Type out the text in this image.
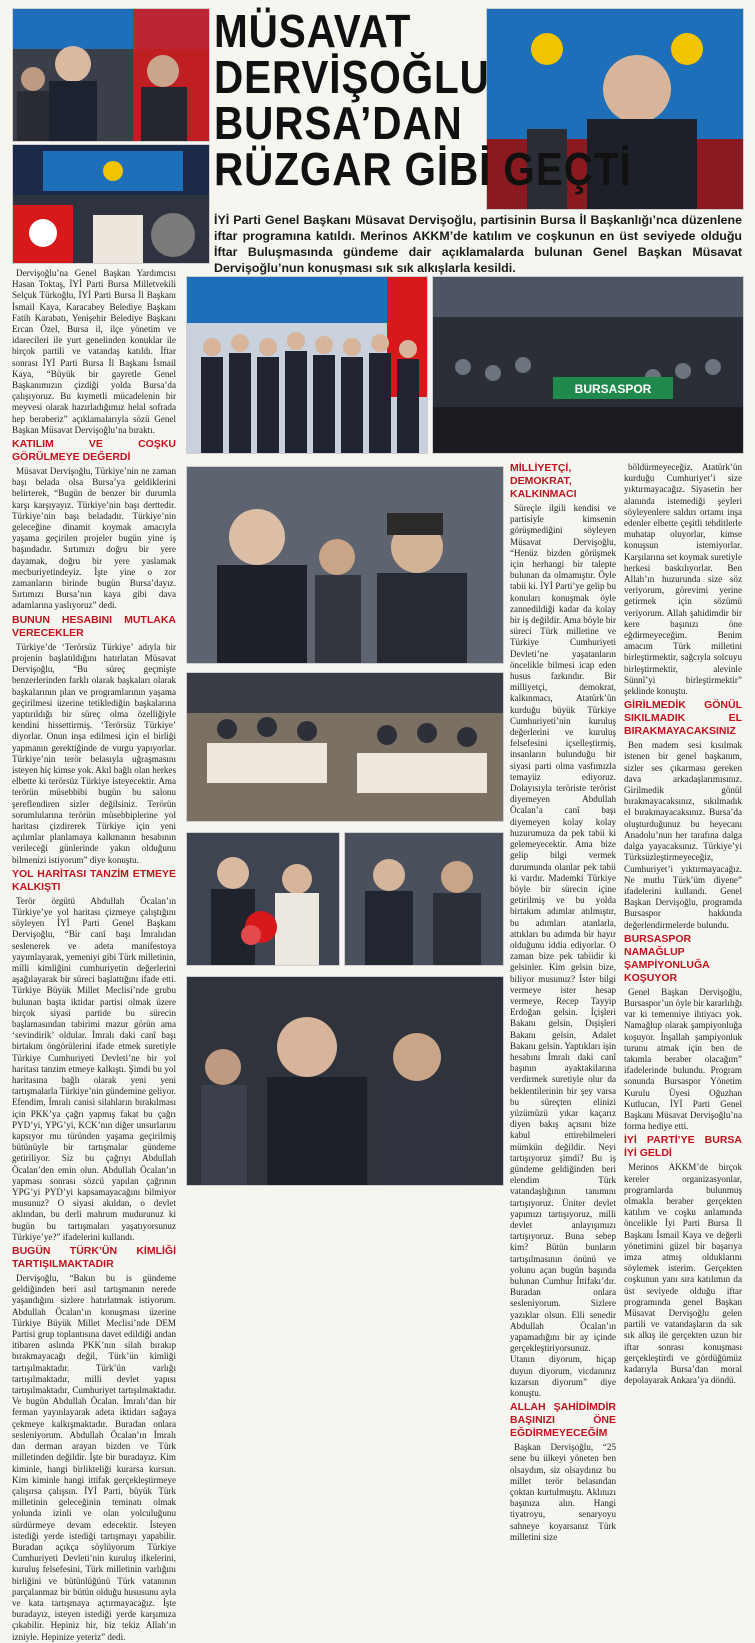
MÜSAVAT
DERVİŞOĞLU
BURSA’DAN
RÜZGAR GİBİ GEÇTİ
İYİ Parti Genel Başkanı Müsavat Dervişoğlu, partisinin Bursa İl Başkanlığı’nca düzenlene iftar programına katıldı. Merinos AKKM’de katılım ve coşkunun en üst seviyede olduğu İftar Buluşmasında gündeme dair açıklamalarda bulunan Genel Başkan Müsavat Dervişoğlu’nun konuşması sık sık alkışlarla kesildi.

Dervişoğlu’na Genel Başkan Yardımcısı Hasan Toktaş, İYİ Parti Bursa Milletvekili Selçuk Türkoğlu, İYİ Parti Bursa İl Başkanı İsmail Kaya, Karacabey Belediye Başkanı Fatih Karabatı, Yenişehir Belediye Başkanı Ercan Özel, Bursa il, ilçe yönetim ve idarecileri ile yurt genelinden konuklar ile birçok partili ve vatandaş katıldı. İftar sonrası İYİ Parti Bursa İl Başkanı İsmail Kaya, “Büyük bir gayretle Genel Başkanımızın çizdiği yolda Bursa’da çalışıyoruz. Bu kıymetli mücadelenin bir meyvesi olarak hazırladığımız helal sofrada hep beraberiz” açıklamalarıyla sözü Genel Başkan Müsavat Dervişoğlu’na bıraktı.

KATILIM VE COŞKU GÖRÜLMEYE DEĞERDİ

Müsavat Dervişoğlu, Türkiye’nin ne zaman başı belada olsa Bursa’ya geldiklerini belirterek, “Bugün de benzer bir durumla karşı karşıyayız. Türkiye’nin başı derttedir. Türkiye’nin başı beladadır. Türkiye’nin geleceğine dinamit koymak amacıyla yaşama geçirilen projeler bugün yine iş başındadır. Sırtımızı doğru bir yere dayamak, doğru bir yere yaslamak mecburiyetindeyiz. İşte yine o zor zamanların birinde bugün Bursa’dayız. Sırtımızı Bursa’nın kaya gibi dava adamlarına yaslıyoruz” dedi.

BUNUN HESABINI MUTLAKA VERECEKLER

Türkiye’de ‘Terörsüz Türkiye’ adıyla bir projenin başlatıldığını hatırlatan Müsavat Dervişoğlu, “Bu süreç geçmişte benzerlerinden farklı olarak başkaları olarak başkalarının plan ve programlarının yaşama geçirilmesi üzerine tetiklediğin başkalarına yaptırıldığı bir süreç olma özelliğiyle kendini hissettirmiş. ‘Terörsüz Türkiye’ diyorlar. Onun inşa edilmesi için el birliği yapmanın gerektiğinde de vurgu yapıyorlar. Türkiye’nin terör belasıyla uğraşmasını isteyen hiç kimse yok. Akıl bağlı olan herkes elbette ki terörsüz Türkiye isteyecektir. Ama terörün müsebbibi bugün bu salonu şereflendiren sizler değilsiniz. Terörün sorumlularına terörün müsebbiplerine yol haritası çizdirerek Türkiye için yeni açılımlar planlamaya kalkmanın hesabının verileceği günlerinde yakın olduğunu bilmenizi istiyorum” diye konuştu.

YOL HARİTASI TANZİM ETMEYE KALKIŞTI

Terör örgütü Abdullah Öcalan’ın Türkiye’ye yol haritası çizmeye çalıştığını söyleyen İYİ Parti Genel Başkanı Dervişoğlu, “Bir canî başı İmralıdan seslenerek ve adeta manifestoya yayımlayarak, yemeniyi gibi Türk milletinin, milli kimliğini cumhuriyetin değerlerini aşağılayarak bir süreci başlattığını ifade etti. Türkiye Büyük Millet Meclisi’nde grubu bulunan başta iktidar partisi olmak üzere birçok siyasi partide bu sürecin başlamasından tabirimi mazur görün ama ‘sevindirik’ oldular. İmralı daki canî başı birtakım öngörülerini ifade etmek suretiyle Türkiye Cumhuriyeti Devleti’ne bir yol haritası tanzim etmeye kalkıştı. Şimdi bu yol haritasına bağlı olarak yeni yeni tartışmalarla Türkiye’nin gündemine geliyor. Efendim, İmralı canisi silahların bırakılması için PKK’ya çağrı yapmış fakat bu çağrı PYD’yi, YPG’yi, KCK’nın diğer unsurlarını kapsıyor mu türünden yaşama geçirilmiş bütünüyle bir tartışmalar gündeme getiriliyor. Siz bu çağrıyı Abdullah Öcalan’den emin olun. Abdullah Öcalan’ın yapması sonrası sözcü yapılan çağrının YPG’yi PYD’yi kapsamayacağını bilmiyor musunuz? O siyasi akıldan, o devlet aklından, bu derli mahrum mudurunuz ki bugün bu tartışmaları yaşatıyorsunuz Türkiye’ye?” ifadelerini kullandı.

BUGÜN TÜRK’ÜN KİMLİĞİ TARTIŞILMAKTADIR

Dervişoğlu, “Bakın bu is gündeme geldiğinden beri asıl tartışmanın nerede yaşandığını sizlere hatırlatmak istiyorum. Abdullah Öcalan’ın konuşması üzerine Türkiye Büyük Millet Meclisi’nde DEM Partisi grup toplantısına davet edildiği andan itibaren aslında PKK’nın silah bırakıp bırakmayacağı değil, Türk’ün kimliği tartışılmaktadır. Türk’ün varlığı tartışılmaktadır, milli devlet yapısı tartışılmaktadır, Cumhuriyet tartışılmaktadır. Ve bugün Abdullah Öcalan. İmralı’dan bir ferman yayınlayarak adeta iktidarı sağaya çekmeye kalkışmaktadır. Buradan onlara sesleniyorum. Abdullah Öcalan’ın İmralı dan derman arayan bizden ve Türk milletinden değildir. İşte bir buradayız. Kim kiminle, hangi birlikteliği kurarsa kursun. Kim kiminle hangi ittifak gerçekleştirmeye çalışırsa çalışsın. İYİ Parti, büyük Türk milletinin geleceğinin teminatı olmak yolunda izinli ve olan yolculuğunu sürdürmeye devam edecektir. İsteyen istediği yerde istediği tartışmayı yapabilir. Buradan açıkça söylüyorum Türkiye Cumhuriyeti Devleti’nin kuruluş ilkelerini, kuruluş felsefesini, Türk milletinin varlığını birliğini ve bütünlüğünü Türk vatanının parçalanmaz bir bütün olduğu hususunu ayla ve kata tartışmaya açtırmayacağız. İşte buradayız, isteyen istediği yerde karşımıza çıkabilir. Hepiniz bir, biz tekiz Allah’ın izniyle. Hepinize yeteriz” dedi.

BURSASPOR

MİLLİYETÇİ, DEMOKRAT, KALKINMACI

Süreçle ilgili kendisi ve partisiyle kimsenin görüşmediğini söyleyen Müsavat Dervişoğlu, “Henüz bizden görüşmek için herhangi bir talepte bulunan da olmamıştır. Öyle tabii ki. İYİ Parti’ye gelip bu konuları konuşmak öyle zannedildiği kadar da kolay bir iş değildir. Ama böyle bir süreci Türk milletine ve Türkiye Cumhuriyeti Devleti’ne yaşatanların öncelikle bilmesi icap eden husus farkındır. Bir milliyetçi, demokrat, kalkınmacı, Atatürk’ün kurduğu büyük Türkiye Cumhuriyeti’nin kuruluş değerlerini ve kuruluş felsefesini içselleştirmiş, insanların bulunduğu bir siyasi parti olma vasfımızla temayüz ediyoruz. Dolayısıyla teröriste terörist diyemeyen Abdullah Öcalan’a canî başı diyemeyen kolay kolay huzurumuza da pek tabii ki gelemeyecektir. Ama bize gelip bilgi vermek durumunda olanlar pek tabii ki vardır. Mademki Türkiye böyle bir sürecin içine getirilmiş ve bu yolda birtakım adımlar atılmıştır, bu adımları atanlarla, attıkları bu adımda bir hayır olduğunu iddia ediyorlar. O zaman bize pek tabiidir ki gelsinler. Kim gelsin bize, biliyor musunuz? İster bilgi vermeye ister hesap vermeye, Recep Tayyip Erdoğan gelsin. İçişleri Bakanı gelsin, Dışişleri Bakanı gelsin, Adalet Bakanı gelsin. Yaptıkları işin hesabını İmralı daki canî başının ayaktakilarına verdirmek suretiyle olur da beklentilerinin bir şey varsa bu süreçten elinizi yüzümüzü yıkar kaçarız diyen bakış açısını bize kabul ettirebilmeleri mümkün değildir. Neyi tartışıyoruz şimdi? Bu iş gündeme geldiğinden beri elendim Türk vatandaşlığının tanımını tartışıyoruz. Üniter devlet yapımızı tartışıyoruz, milli devlet anlayışımızı tartışıyoruz. Buna sebep kim? Bütün bunların tartışılmasının önünü ve yolunu açan bugün başında bulunan Cumhur İttifakı’dır. Buradan onlara sesleniyorum. Sizlere yazıklar olsun. Elli senedir Abdullah Öcalan’ın yapamadığını bir ay içinde gerçekleştiriyorsunuz. Utanın diyorum, hiçap duyun diyorum, vicdanınız kızarsın diyorum” diye konuştu.

ALLAH ŞAHİDİMDİR BAŞINIZI ÖNE EĞDİRMEYECEĞİM

Başkan Dervişoğlu, “25 sene bu ülkeyi yöneten ben olsaydım, siz olsaydınız bu millet terör belasından çoktan kurtulmuştu. Aklınızı başınıza alın. Hangi tiyatroyu, senaryoyu sahneye koyarsanız Türk milletini size

böldürmeyeceğiz. Atatürk’ün kurduğu Cumhuriyet’i size yıktırmayacağız. Siyasetin her alanında istemediği şeyleri söyleyenlere saldırı ortamı inşa edenler elbette çeşitli tehditlerle muhatap oluyorlar, kimse konuşsun istemiyorlar. Karşılarına set koymak suretiyle herkesi baskılıyorlar. Ben Allah’ın huzurunda size söz veriyorum, görevimi yerine getirmek için sözümü veriyorum. Allah şahidimdir bir kere başınızı öne eğdirmeyeceğim. Benim amacım Türk milletini birleştirmektir, sağcıyla solcuyu birleştirmektir, alevinle Sünnî’yi birleştirmektir” şeklinde konuştu.

GİRİLMEDİK GÖNÜL SIKILMADIK EL BIRAKMAYACAKSINIZ

Ben madem sesi kısılmak istenen bir genel başkanım, sizler ses çıkarması gereken dava arkadaşlarımısınız. Girilmedik gönül bırakmayacaksınız, sıkılmadık el bırakmayacaksınız. Bursa’da oluşturduğunuz bu heyecanı Anadolu’nun her tarafına dalga dalga yayacaksınız. Türkiye’yi Türksüzleştirmeyeceğiz, Cumhuriyet’i yıktırmayacağız. Ne mutlu Türk’üm diyene” ifadelerini kullandı. Genel Başkan Dervişoğlu, programda Bursaspor hakkında değerlendirmelerde bulundu.

BURSASPOR NAMAĞLUP ŞAMPİYONLUĞA KOŞUYOR

Genel Başkan Dervişoğlu, Bursaspor’un öyle bir kararlılığı var ki temenniye ihtiyacı yok. Namağlup olarak şampiyonluğa koşuyor. İnşallah şampiyonluk turunu atmak için ben de takımla beraber olacağım” ifadelerinde bulundu. Program sonunda Bursaspor Yönetim Kurulu Üyesi Oğuzhan Kutlucan, İYİ Parti Genel Başkanı Müsavat Dervişoğlu’na forma hediye etti.

İYİ PARTİ’YE BURSA İYİ GELDİ

Merinos AKKM’de birçok kereler organizasyonlar, programlarda bulunmuş olmakla beraber gerçekten katılım ve coşku anlamında öncelikle İyi Parti Bursa İl Başkanı İsmail Kaya ve değerli yönetimini güzel bir başarıya imza atmış olduklarını söylemek isterim. Gerçekten coşkunun yanı sıra katılımın da üst seviyede olduğu iftar programında genel Başkan Müsavat Dervişoğlu gelen partili ve vatandaşların da sık sık alkış ile gerçekten uzun bir iftar sonrası konuşması gerçekleştirdi ve gördüğümüz kadarıyla Bursa’dan moral depolayarak Ankara’ya döndü.
